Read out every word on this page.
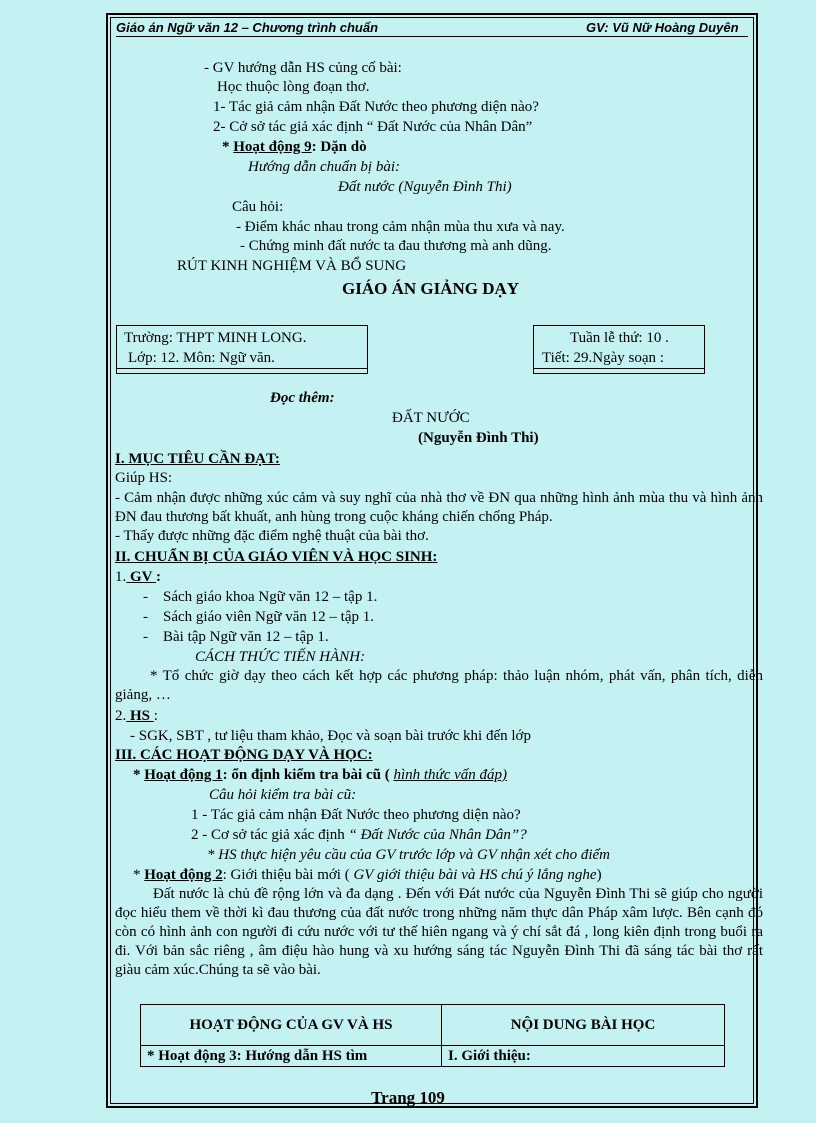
Giáo án Ngữ văn 12 – Chương trình chuẩn	GV: Vũ Nữ Hoàng Duyên
- GV hướng dẫn HS củng cố bài:
Học thuộc lòng đoạn thơ.
1- Tác giả cảm nhận Đất Nước theo phương diện nào?
2- Cở sở tác giả xác định “ Đất Nước của Nhân Dân”
* Hoạt động 9: Dặn dò
Hướng dẫn chuẩn bị bài:
Đất nước (Nguyễn Đình Thi)
Câu hỏi:
- Điểm khác nhau trong cảm nhận mùa thu xưa và nay.
- Chứng minh đất nước ta đau thương mà anh dũng.
RÚT KINH NGHIỆM VÀ BỔ SUNG
GIÁO ÁN GIẢNG DẠY
Trường: THPT MINH LONG.
Lớp: 12. Môn: Ngữ văn.
Tuần lễ thứ: 10 .
Tiết: 29.Ngày soạn :
Đọc thêm:
ĐẤT NƯỚC
(Nguyễn Đình Thi)
I. MỤC TIÊU CẦN ĐẠT:
Giúp HS:
- Cảm nhận được những xúc cảm và suy nghĩ của nhà thơ về ĐN qua những hình ảnh mùa thu và hình ảnh ĐN đau thương bất khuất, anh hùng trong cuộc kháng chiến chống Pháp.
- Thấy được những đặc điểm nghệ thuật của bài thơ.
II. CHUẨN BỊ CỦA GIÁO VIÊN VÀ HỌC SINH:
1. GV :
-    Sách giáo khoa Ngữ văn 12 – tập 1.
-    Sách giáo viên Ngữ văn 12 – tập 1.
-    Bài tập Ngữ văn 12 – tập 1.
CÁCH THỨC TIẾN HÀNH:
* Tổ chức giờ dạy theo cách kết hợp các phương pháp: thảo luận nhóm, phát vấn, phân tích, diễn giảng, …
2. HS :
- SGK, SBT , tư liệu tham khảo, Đọc và soạn bài trước khi đến lớp
III. CÁC HOẠT ĐỘNG DẠY VÀ HỌC:
* Hoạt động 1: ổn định kiểm tra bài cũ ( hình thức vấn đáp)
Câu hỏi kiểm tra bài cũ:
1 - Tác giả cảm nhận Đất Nước theo phương diện nào?
2 - Cơ sở tác giả xác định “ Đất Nước của Nhân Dân”?
* HS thực hiện yêu cầu của GV trước lớp và GV nhận xét cho điểm
* Hoạt động 2: Giới thiệu bài mới ( GV giới thiệu bài và HS chú ý lắng nghe)
Đất nước là chủ đề rộng lớn và đa dạng . Đến với Đát nước của Nguyễn Đình Thi sẽ giúp cho người đọc hiểu them về thời kì đau thương của đất nước trong những năm thực dân Pháp xâm lược. Bên cạnh đó còn có hình ảnh con người đi cứu nước với tư thế hiên ngang và ý chí sắt đá , long kiên định trong buổi ra đi. Với bản sắc riêng , âm điệu hào hung và xu hướng sáng tác Nguyễn Đình Thi đã sáng tác bài thơ rất giàu cảm xúc.Chúng ta sẽ vào bài.
HOẠT ĐỘNG CỦA GV VÀ HS	NỘI DUNG BÀI HỌC
* Hoạt động 3: Hướng dẫn HS tìm	I. Giới thiệu:
Trang 109
